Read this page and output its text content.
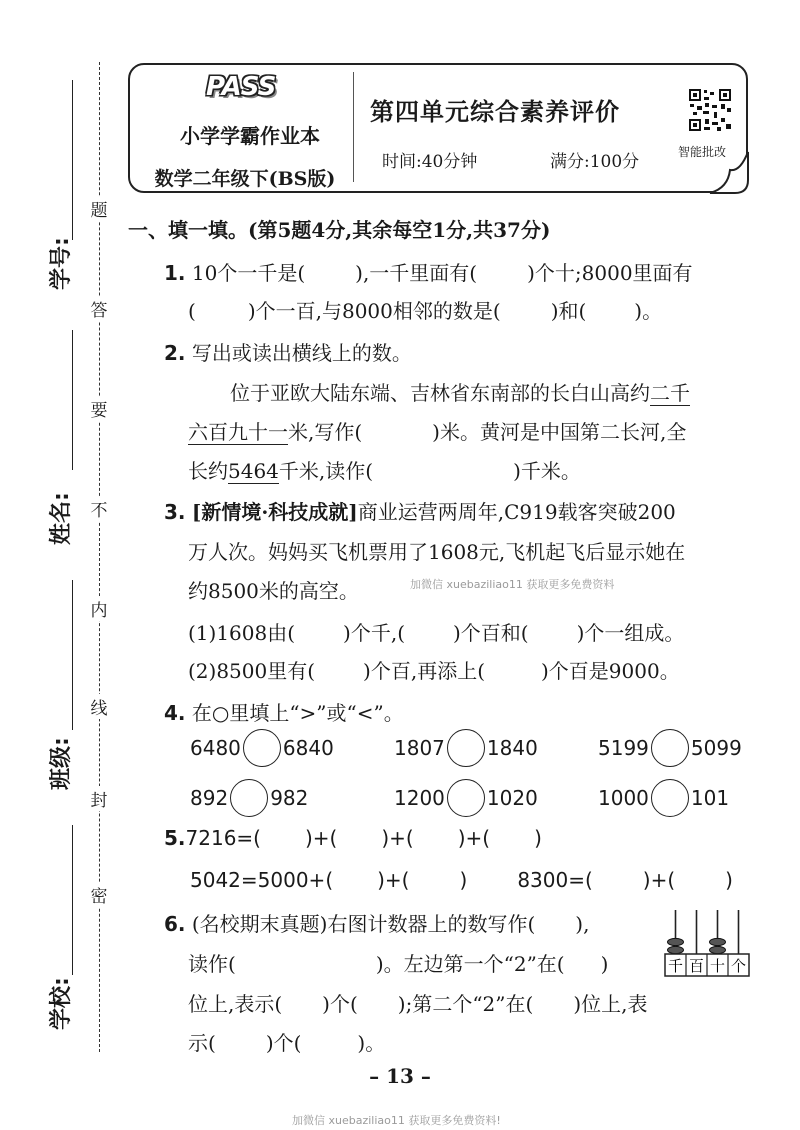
题
答
要
不
内
线
封
密
学号:
姓名:
班级:
学校:
PASS
小学学霸作业本
数学二年级下(BS版)
第四单元综合素养评价
时间:40分钟	满分:100分	智能批改
一、填一填。(第5题4分,其余每空1分,共37分)
1. 10个一千是(	),一千里面有(	)个十;8000里面有
(	)个一百,与8000相邻的数是(	)和( )。
2. 写出或读出横线上的数。
位于亚欧大陆东端、吉林省东南部的长白山高约二千
六百九十一米,写作(	)米。黄河是中国第二长河,全
长约5464千米,读作(	)千米。
3. [新情境·科技成就]商业运营两周年,C919载客突破200
万人次。妈妈买飞机票用了1608元,飞机起飞后显示她在
约8500米的高空。	加微信 xuebaziliao11 获取更多免费资料
(1)1608由( )个千,( )个百和( )个一组成。
(2)8500里有( )个百,再添上(	)个百是9000。
4. 在○里填上“>”或“<”。
6480 6840	1807 1840	5199 5099
892 982	1200 1020	1000 101
5.7216=( )+( )+( )+( )
5042=5000+( )+(	)	8300=(	)+(	)
6. (名校期末真题)右图计数器上的数写作( ),
读作(	)。左边第一个“2”在( )
位上,表示( )个( );第二个“2”在( )位上,表
示(	)个(	)。
千 百 十 个
– 13 –
加微信 xuebaziliao11 获取更多免费资料!
